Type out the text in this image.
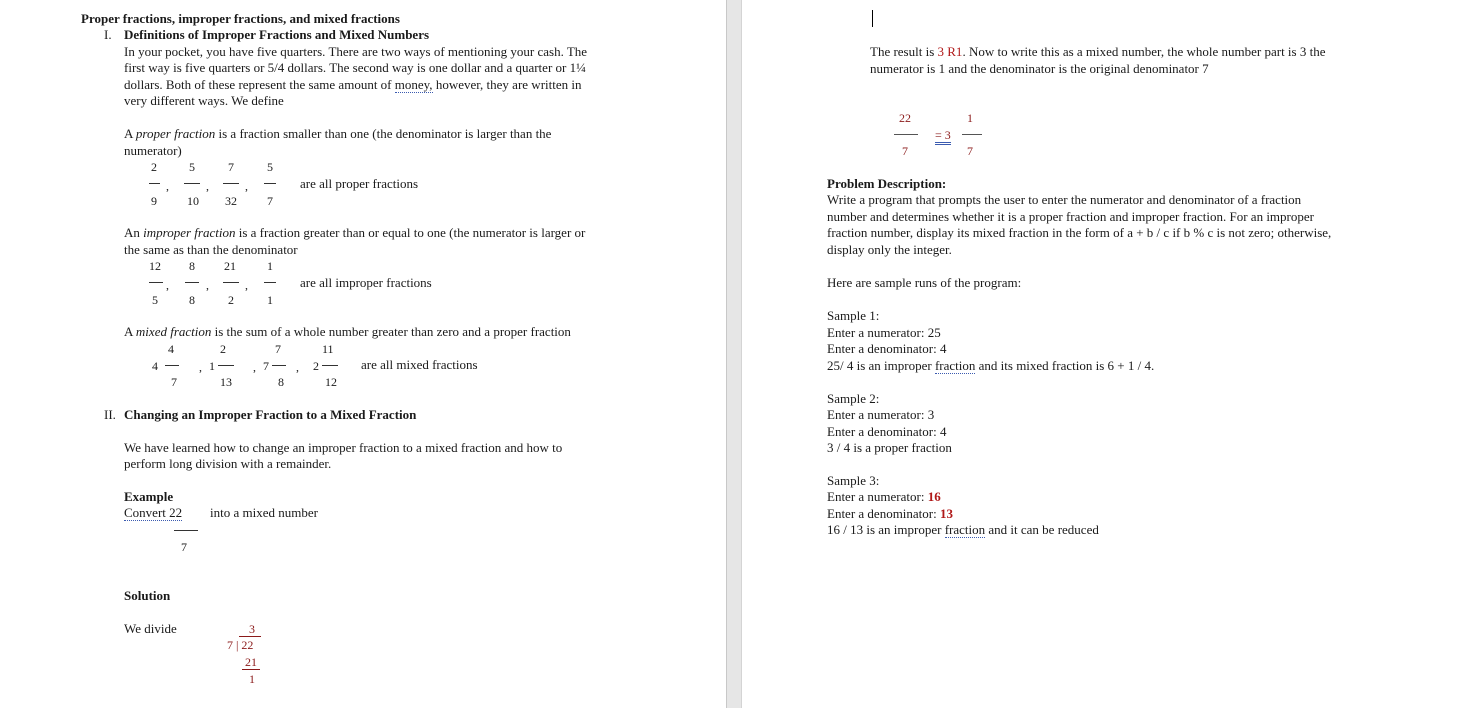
Proper fractions, improper fractions, and mixed fractions
I. Definitions of Improper Fractions and Mixed Numbers
In your pocket, you have five quarters. There are two ways of mentioning your cash. The
first way is five quarters or 5/4 dollars. The second way is one dollar and a quarter or 1¼
dollars. Both of these represent the same amount of money, however, they are written in
very different ways. We define
A proper fraction is a fraction smaller than one (the denominator is larger than the
numerator)
2
9
,
5
10
,
7
32
,
5
7
are all proper fractions
An improper fraction is a fraction greater than or equal to one (the numerator is larger or
the same as than the denominator
12
5
,
8
8
,
21
2
,
1
1
are all improper fractions
A mixed fraction is the sum of a whole number greater than zero and a proper fraction
4
4
7
, 1
2
13
, 7
7
8
, 2
11
12
are all mixed fractions
II. Changing an Improper Fraction to a Mixed Fraction
We have learned how to change an improper fraction to a mixed fraction and how to
perform long division with a remainder.
Example
Convert 22 into a mixed number
7
Solution
We divide	3
7 | 22
21
1
The result is 3 R1. Now to write this as a mixed number, the whole number part is 3 the
numerator is 1 and the denominator is the original denominator 7
22
7
= 3
1
7
Problem Description:
Write a program that prompts the user to enter the numerator and denominator of a fraction
number and determines whether it is a proper fraction and improper fraction. For an improper
fraction number, display its mixed fraction in the form of a + b / c if b % c is not zero; otherwise,
display only the integer.
Here are sample runs of the program:
Sample 1:
Enter a numerator: 25
Enter a denominator: 4
25/ 4 is an improper fraction and its mixed fraction is 6 + 1 / 4.
Sample 2:
Enter a numerator: 3
Enter a denominator: 4
3 / 4 is a proper fraction
Sample 3:
Enter a numerator: 16
Enter a denominator: 13
16 / 13 is an improper fraction and it can be reduced
